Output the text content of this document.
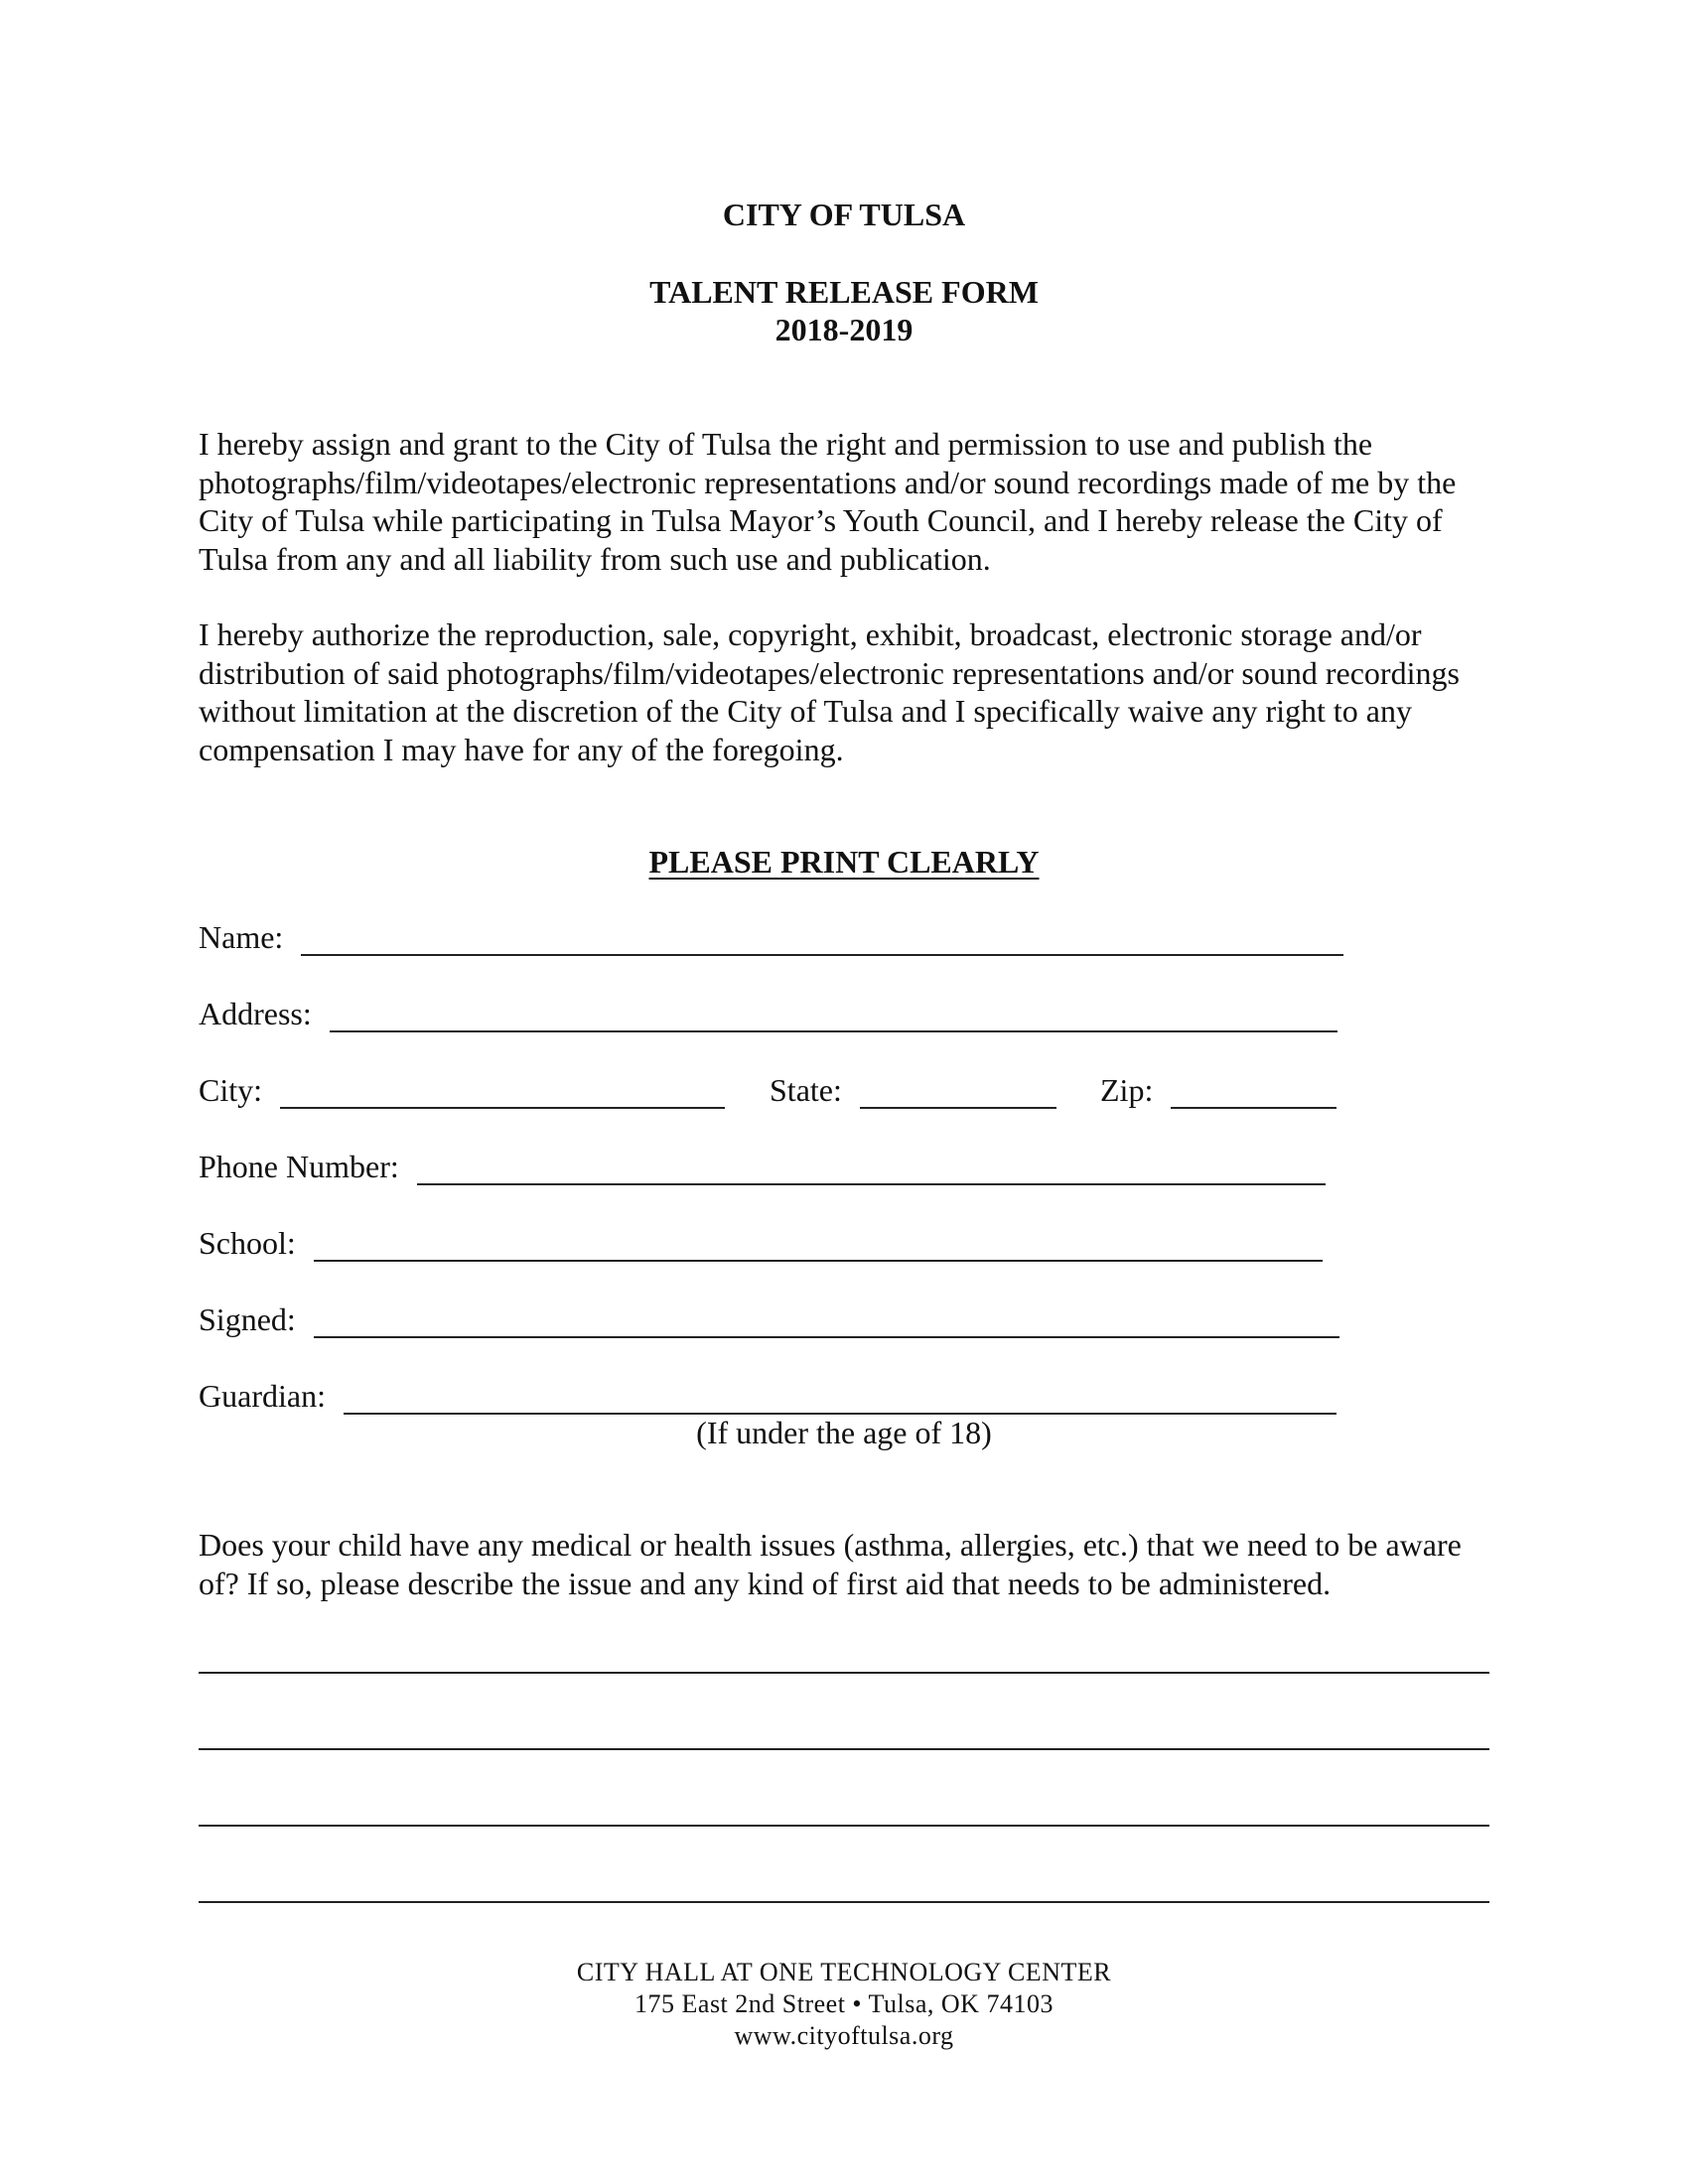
CITY OF TULSA
TALENT RELEASE FORM
2018-2019

I hereby assign and grant to the City of Tulsa the right and permission to use and publish the photographs/film/videotapes/electronic representations and/or sound recordings made of me by the City of Tulsa while participating in Tulsa Mayor’s Youth Council, and I hereby release the City of Tulsa from any and all liability from such use and publication.

I hereby authorize the reproduction, sale, copyright, exhibit, broadcast, electronic storage and/or distribution of said photographs/film/videotapes/electronic representations and/or sound recordings without limitation at the discretion of the City of Tulsa and I specifically waive any right to any compensation I may have for any of the foregoing.

PLEASE PRINT CLEARLY
Name:
Address:
City:	State:	Zip:
Phone Number:
School:
Signed:
Guardian:
(If under the age of 18)

Does your child have any medical or health issues (asthma, allergies, etc.) that we need to be aware of? If so, please describe the issue and any kind of first aid that needs to be administered.

CITY HALL AT ONE TECHNOLOGY CENTER
175 East 2nd Street • Tulsa, OK 74103
www.cityoftulsa.org
